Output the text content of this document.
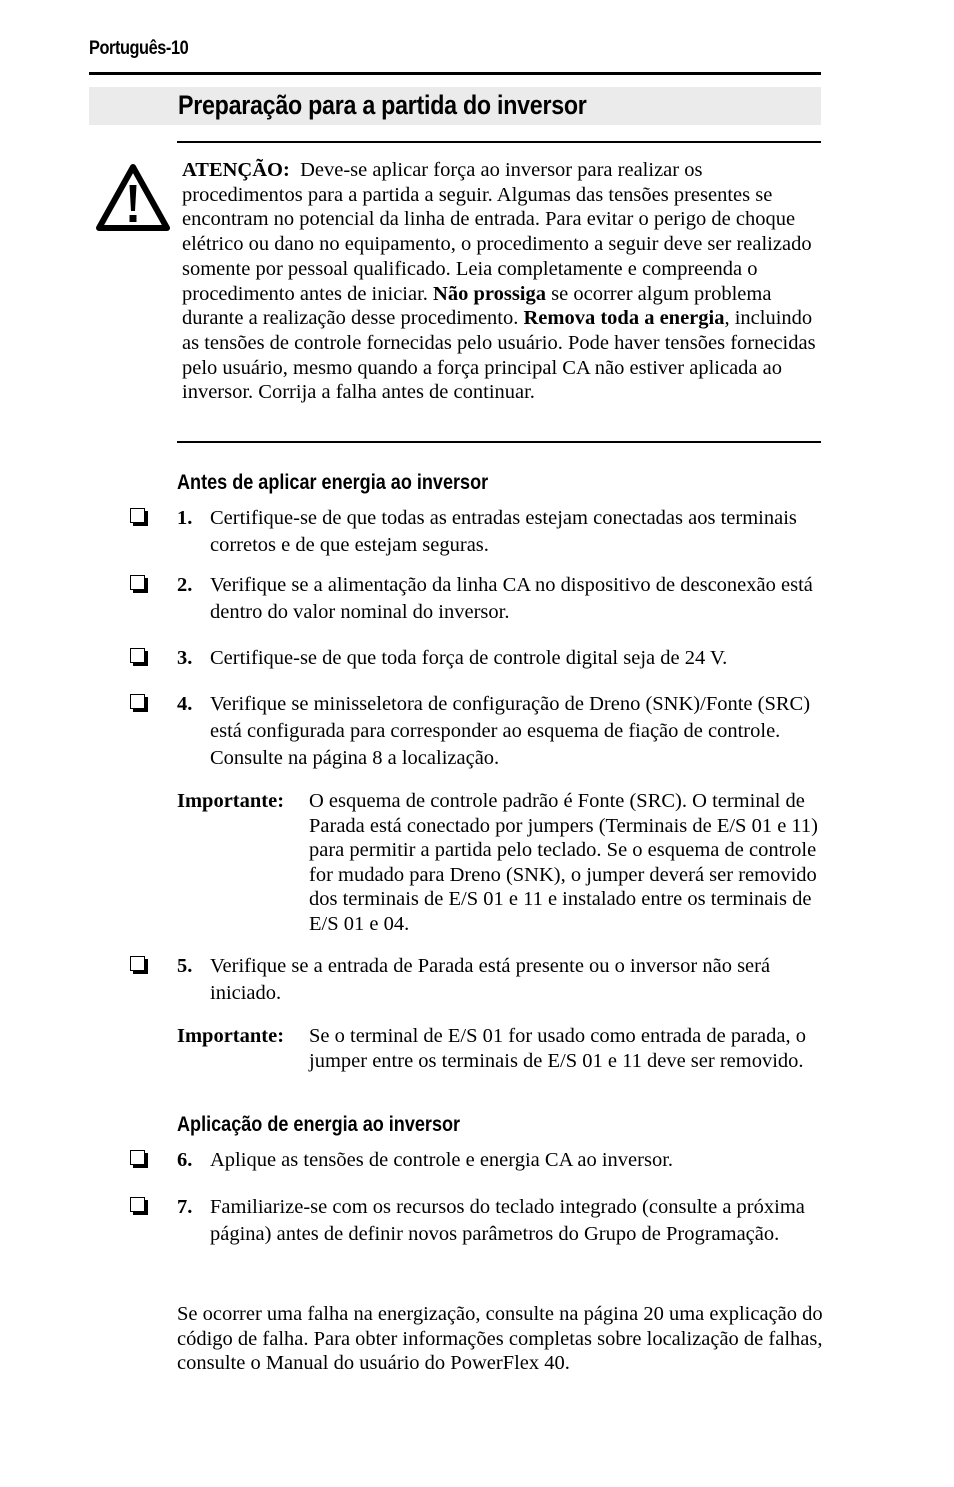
Português-10
Preparação para a partida do inversor
ATENÇÃO: Deve-se aplicar força ao inversor para realizar os procedimentos para a partida a seguir. Algumas das tensões presentes se encontram no potencial da linha de entrada. Para evitar o perigo de choque elétrico ou dano no equipamento, o procedimento a seguir deve ser realizado somente por pessoal qualificado. Leia completamente e compreenda o procedimento antes de iniciar. Não prossiga se ocorrer algum problema durante a realização desse procedimento. Remova toda a energia, incluindo as tensões de controle fornecidas pelo usuário. Pode haver tensões fornecidas pelo usuário, mesmo quando a força principal CA não estiver aplicada ao inversor. Corrija a falha antes de continuar.
Antes de aplicar energia ao inversor
1. Certifique-se de que todas as entradas estejam conectadas aos terminais corretos e de que estejam seguras.
2. Verifique se a alimentação da linha CA no dispositivo de desconexão está dentro do valor nominal do inversor.
3. Certifique-se de que toda força de controle digital seja de 24 V.
4. Verifique se minisseletora de configuração de Dreno (SNK)/Fonte (SRC) está configurada para corresponder ao esquema de fiação de controle. Consulte na página 8 a localização.
Importante: O esquema de controle padrão é Fonte (SRC). O terminal de Parada está conectado por jumpers (Terminais de E/S 01 e 11) para permitir a partida pelo teclado. Se o esquema de controle for mudado para Dreno (SNK), o jumper deverá ser removido dos terminais de E/S 01 e 11 e instalado entre os terminais de E/S 01 e 04.
5. Verifique se a entrada de Parada está presente ou o inversor não será iniciado.
Importante: Se o terminal de E/S 01 for usado como entrada de parada, o jumper entre os terminais de E/S 01 e 11 deve ser removido.
Aplicação de energia ao inversor
6. Aplique as tensões de controle e energia CA ao inversor.
7. Familiarize-se com os recursos do teclado integrado (consulte a próxima página) antes de definir novos parâmetros do Grupo de Programação.
Se ocorrer uma falha na energização, consulte na página 20 uma explicação do código de falha. Para obter informações completas sobre localização de falhas, consulte o Manual do usuário do PowerFlex 40.
